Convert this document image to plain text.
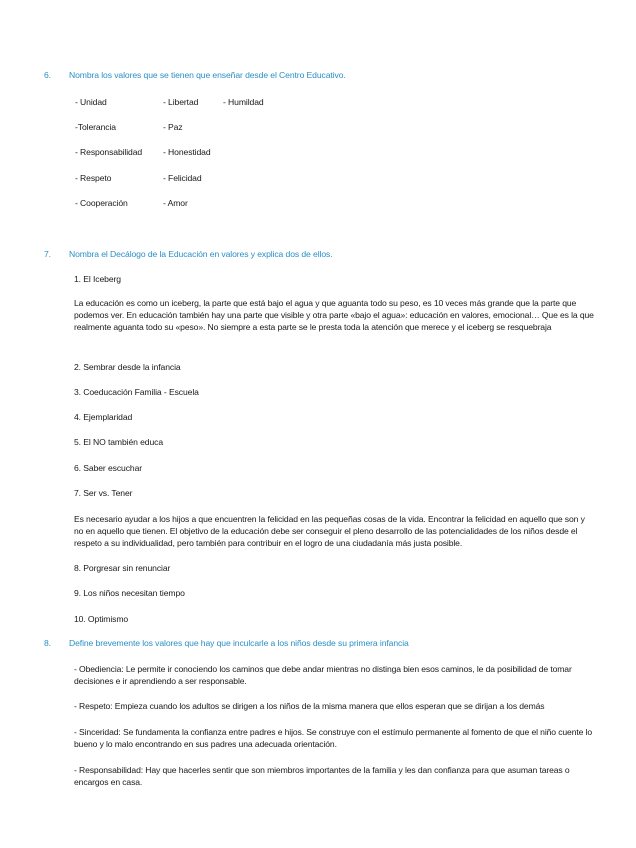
6. Nombra los valores que se tienen que enseñar desde el Centro Educativo.
- Unidad	- Libertad	- Humildad
-Tolerancia	- Paz
- Responsabilidad - Honestidad
- Respeto	- Felicidad
- Cooperación	- Amor
7. Nombra el Decálogo de la Educación en valores y explica dos de ellos.
1. El Iceberg
La educación es como un iceberg, la parte que está bajo el agua y que aguanta todo su peso, es 10 veces más grande que la parte que podemos ver. En educación también hay una parte que visible y otra parte «bajo el agua»: educación en valores, emocional… Que es la que realmente aguanta todo su «peso». No siempre a esta parte se le presta toda la atención que merece y el iceberg se resquebraja
2. Sembrar desde la infancia
3. Coeducación Familia - Escuela
4. Ejemplaridad
5. El NO también educa
6. Saber escuchar
7. Ser vs. Tener
Es necesario ayudar a los hijos a que encuentren la felicidad en las pequeñas cosas de la vida. Encontrar la felicidad en aquello que son y no en aquello que tienen. El objetivo de la educación debe ser conseguir el pleno desarrollo de las potencialidades de los niños desde el respeto a su individualidad, pero también para contribuir en el logro de una ciudadanía más justa posible.
8. Porgresar sin renunciar
9. Los niños necesitan tiempo
10. Optimismo
8. Define brevemente los valores que hay que inculcarle a los niños desde su primera infancia
- Obediencia: Le permite ir conociendo los caminos que debe andar mientras no distinga bien esos caminos, le da posibilidad de tomar decisiones e ir aprendiendo a ser responsable.
- Respeto: Empieza cuando los adultos se dirigen a los niños de la misma manera que ellos esperan que se dirijan a los demás
- Sinceridad: Se fundamenta la confianza entre padres e hijos. Se construye con el estímulo permanente al fomento de que el niño cuente lo bueno y lo malo encontrando en sus padres una adecuada orientación.
- Responsabilidad: Hay que hacerles sentir que son miembros importantes de la familia y les dan confianza para que asuman tareas o encargos en casa.
